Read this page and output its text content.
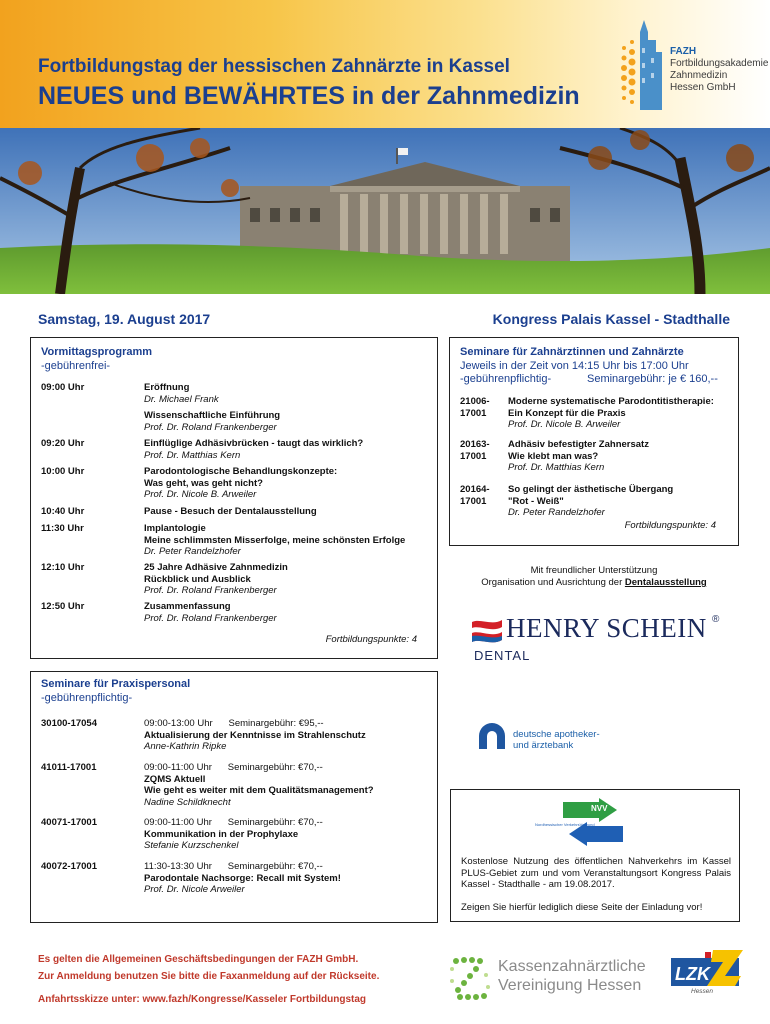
Fortbildungstag der hessischen Zahnärzte in Kassel
NEUES und BEWÄHRTES in der Zahnmedizin
FAZH
Fortbildungsakademie
Zahnmedizin
Hessen GmbH
Samstag, 19. August 2017	Kongress Palais Kassel - Stadthalle
Vormittagsprogramm
-gebührenfrei-
09:00 Uhr	Eröffnung
Dr. Michael Frank
Wissenschaftliche Einführung
Prof. Dr. Roland Frankenberger
09:20 Uhr	Einflüglige Adhäsivbrücken - taugt das wirklich?
Prof. Dr. Matthias Kern
10:00 Uhr	Parodontologische Behandlungskonzepte:
Was geht, was geht nicht?
Prof. Dr. Nicole B. Arweiler
10:40 Uhr	Pause - Besuch der Dentalausstellung
11:30 Uhr	Implantologie
Meine schlimmsten Misserfolge, meine schönsten Erfolge
Dr. Peter Randelzhofer
12:10 Uhr	25 Jahre Adhäsive Zahnmedizin
Rückblick und Ausblick
Prof. Dr. Roland Frankenberger
12:50 Uhr	Zusammenfassung
Prof. Dr. Roland Frankenberger
Fortbildungspunkte: 4
Seminare für Praxispersonal
-gebührenpflichtig-
30100-17054	09:00-13:00 Uhr Seminargebühr: €95,--
Aktualisierung der Kenntnisse im Strahlenschutz
Anne-Kathrin Ripke
41011-17001	09:00-11:00 Uhr Seminargebühr: €70,--
ZQMS Aktuell
Wie geht es weiter mit dem Qualitätsmanagement?
Nadine Schildknecht
40071-17001	09:00-11:00 Uhr Seminargebühr: €70,--
Kommunikation in der Prophylaxe
Stefanie Kurzschenkel
40072-17001	11:30-13:30 Uhr Seminargebühr: €70,--
Parodontale Nachsorge: Recall mit System!
Prof. Dr. Nicole Arweiler
Seminare für Zahnärztinnen und Zahnärzte
Jeweils in der Zeit von 14:15 Uhr bis 17:00 Uhr
-gebührenpflichtig-	Seminargebühr: je € 160,--
21006-
17001
Moderne systematische Parodontitistherapie:
Ein Konzept für die Praxis
Prof. Dr. Nicole B. Arweiler
20163-
17001
Adhäsiv befestigter Zahnersatz
Wie klebt man was?
Prof. Dr. Matthias Kern
20164-
17001
So gelingt der ästhetische Übergang
"Rot - Weiß"
Dr. Peter Randelzhofer
Fortbildungspunkte: 4
Mit freundlicher Unterstützung
Organisation und Ausrichtung der Dentalausstellung
HENRY SCHEIN ®
DENTAL
deutsche apotheker-
und ärztebank
NVV
Nordhessischer VerkehrsVerbund
Kostenlose Nutzung des öffentlichen Nahverkehrs im Kassel PLUS-Gebiet zum und vom Veranstaltungsort Kongress Palais Kassel - Stadthalle - am 19.08.2017.
Zeigen Sie hierfür lediglich diese Seite der Einladung vor!
Es gelten die Allgemeinen Geschäftsbedingungen der FAZH GmbH.
Zur Anmeldung benutzen Sie bitte die Faxanmeldung auf der Rückseite.
Anfahrtsskizze unter: www.fazh/Kongresse/Kasseler Fortbildungstag
Kassenzahnärztliche
Vereinigung Hessen
LZK
Hessen
